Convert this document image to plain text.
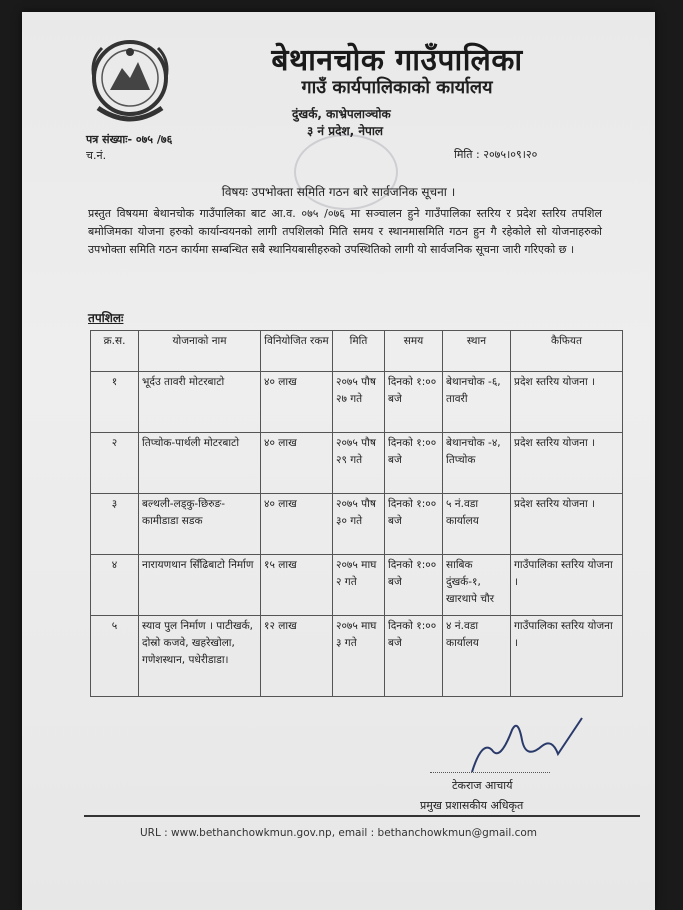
बेथानचोक गाउँपालिका
गाउँ कार्यपालिकाको कार्यालय
दुंखर्क, काभ्रेपलाञ्चोक
३ नं प्रदेश, नेपाल
पत्र संख्याः- ०७५ /७६
च.नं.	मिति : २०७५।०९।२०
विषयः उपभोक्ता समिति गठन बारे सार्वजनिक सूचना ।
प्रस्तुत विषयमा बेथानचोक गाउँपालिका बाट आ.व. ०७५ /०७६ मा सञ्चालन हुने गाउँपालिका स्तरिय र प्रदेश स्तरिय तपशिल बमोजिमका योजना हरुको कार्यान्वयनको लागी तपशिलको मिति समय र स्थानमासमिति गठन हुन गै रहेकोले सो योजनाहरुको उपभोक्ता समिति गठन कार्यमा सम्बन्धित सबै स्थानियबासीहरुको उपस्थितिको लागी यो सार्वजनिक सूचना जारी गरिएको छ ।
तपशिलः
क्र.स.	योजनाको नाम	विनियोजित रकम	मिति	समय	स्थान	कैफियत
१	भूर्दउ तावरी मोटरबाटो	४० लाख	२०७५ पौष २७ गते	दिनको १:०० बजे	बेथानचोक -६, तावरी	प्रदेश स्तरिय योजना ।
२	तिप्चोक-पार्थली मोटरबाटो	४० लाख	२०७५ पौष २९ गते	दिनको १:०० बजे	बेथानचोक -४, तिप्चोक	प्रदेश स्तरिय योजना ।
३	बल्थली-लड्कु-छिरुङ-कामीडाडा सडक	४० लाख	२०७५ पौष ३० गते	दिनको १:०० बजे	५ नं.वडा कार्यालय	प्रदेश स्तरिय योजना ।
४	नारायणथान सिँढिबाटो निर्माण	१५ लाख	२०७५ माघ २ गते	दिनको १:०० बजे	साबिक दुंखर्क-१, खारथापे चौर	गाउँपालिका स्तरिय योजना ।
५	स्याव पुल निर्माण । पाटीखर्क, दोस्रो कजवे, खहरेखोला, गणेशस्थान, पधेरीडाडा।	१२ लाख	२०७५ माघ ३ गते	दिनको १:०० बजे	४ नं.वडा कार्यालय	गाउँपालिका स्तरिय योजना ।
टेकराज आचार्य
प्रमुख प्रशासकीय अधिकृत
URL : www.bethanchowkmun.gov.np, email : bethanchowkmun@gmail.com
